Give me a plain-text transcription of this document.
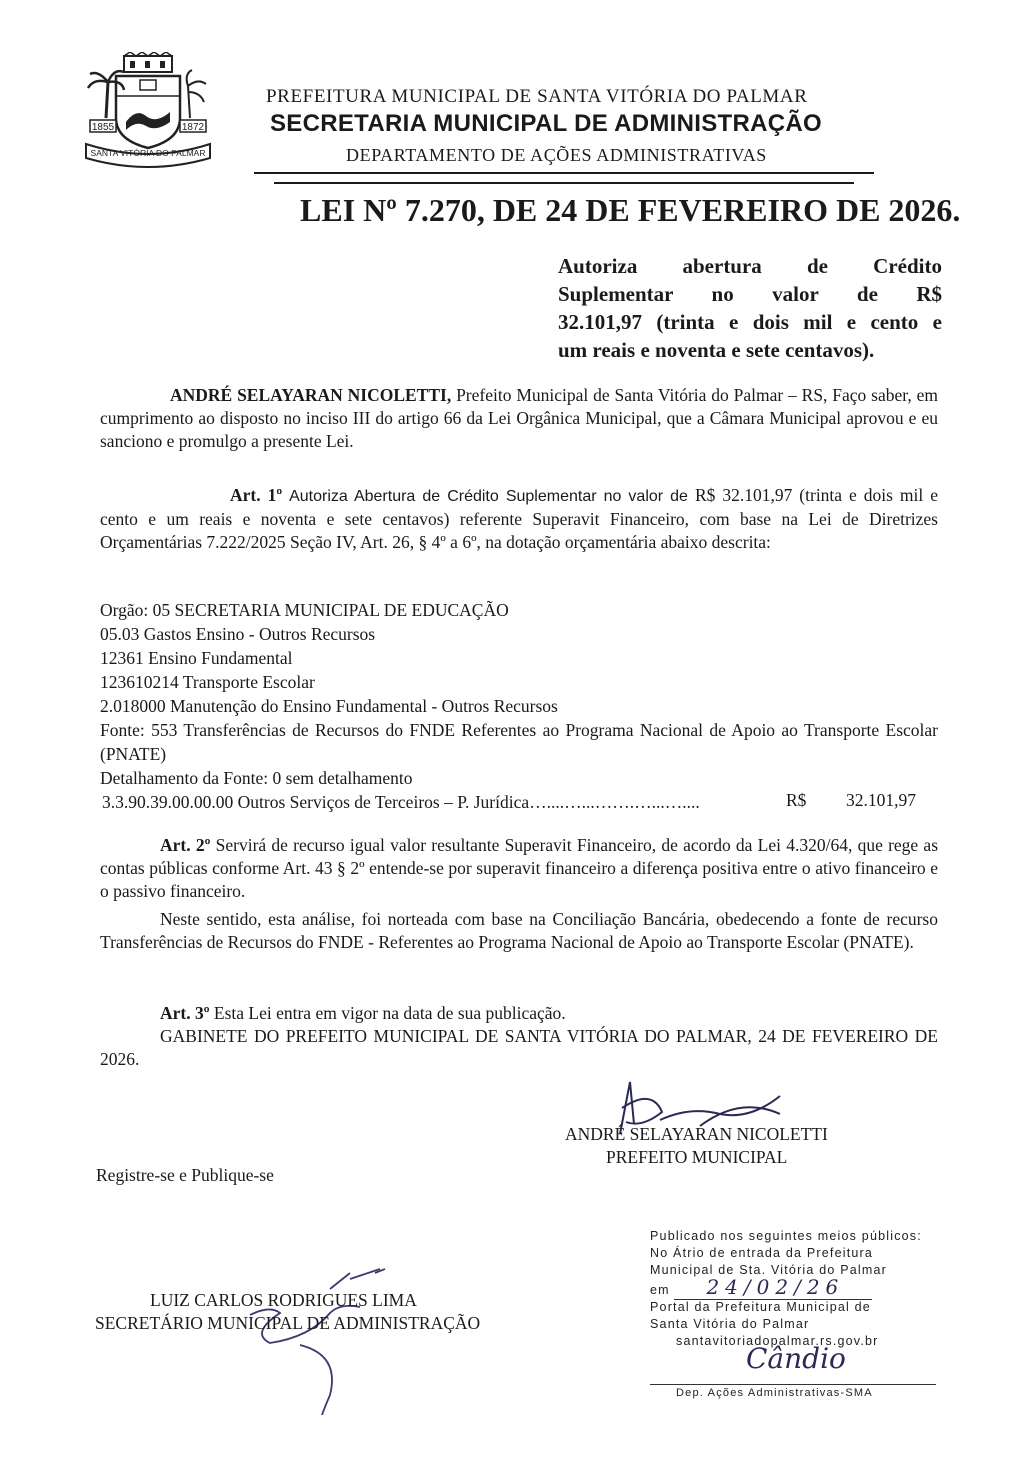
1855	1872
SANTA VITÓRIA DO PALMAR
PREFEITURA MUNICIPAL DE SANTA VITÓRIA DO PALMAR
SECRETARIA MUNICIPAL DE ADMINISTRAÇÃO
DEPARTAMENTO DE AÇÕES ADMINISTRATIVAS
LEI Nº 7.270, DE 24 DE FEVEREIRO DE 2026.
Autoriza abertura de Crédito
Suplementar no valor de R$
32.101,97 (trinta e dois mil e cento e
um reais e noventa e sete centavos).
ANDRÉ SELAYARAN NICOLETTI, Prefeito Municipal de Santa Vitória do Palmar – RS, Faço saber, em cumprimento ao disposto no inciso III do artigo 66 da Lei Orgânica Municipal, que a Câmara Municipal aprovou e eu sanciono e promulgo a presente Lei.
Art. 1º Autoriza Abertura de Crédito Suplementar no valor de R$ 32.101,97 (trinta e dois mil e cento e um reais e noventa e sete centavos) referente Superavit Financeiro, com base na Lei de Diretrizes Orçamentárias 7.222/2025 Seção IV, Art. 26, § 4º a 6º, na dotação orçamentária abaixo descrita:
Orgão: 05 SECRETARIA MUNICIPAL DE EDUCAÇÃO
05.03 Gastos Ensino - Outros Recursos
12361 Ensino Fundamental
123610214 Transporte Escolar
2.018000 Manutenção do Ensino Fundamental - Outros Recursos
Fonte: 553 Transferências de Recursos do FNDE Referentes ao Programa Nacional de Apoio ao Transporte Escolar (PNATE)
Detalhamento da Fonte: 0 sem detalhamento
3.3.90.39.00.00.00 Outros Serviços de Terceiros – P. Jurídica…....…...…….…...…....	R$ 32.101,97
Art. 2º Servirá de recurso igual valor resultante Superavit Financeiro, de acordo da Lei 4.320/64, que rege as contas públicas conforme Art. 43 § 2º entende-se por superavit financeiro a diferença positiva entre o ativo financeiro e o passivo financeiro.
Neste sentido, esta análise, foi norteada com base na Conciliação Bancária, obedecendo a fonte de recurso Transferências de Recursos do FNDE - Referentes ao Programa Nacional de Apoio ao Transporte Escolar (PNATE).
Art. 3º Esta Lei entra em vigor na data de sua publicação.
GABINETE DO PREFEITO MUNICIPAL DE SANTA VITÓRIA DO PALMAR, 24 DE FEVEREIRO DE 2026.
ANDRÉ SELAYARAN NICOLETTI
PREFEITO MUNICIPAL
Registre-se e Publique-se
LUIZ CARLOS RODRIGUES LIMA
SECRETÁRIO MUNICIPAL DE ADMINISTRAÇÃO
Publicado nos seguintes meios públicos:
No Átrio de entrada da Prefeitura
Municipal de Sta. Vitória do Palmar
em 24/02/26
Portal da Prefeitura Municipal de
Santa Vitória do Palmar
santavitoriadopalmar.rs.gov.br
Cândio
Dep. Ações Administrativas-SMA
